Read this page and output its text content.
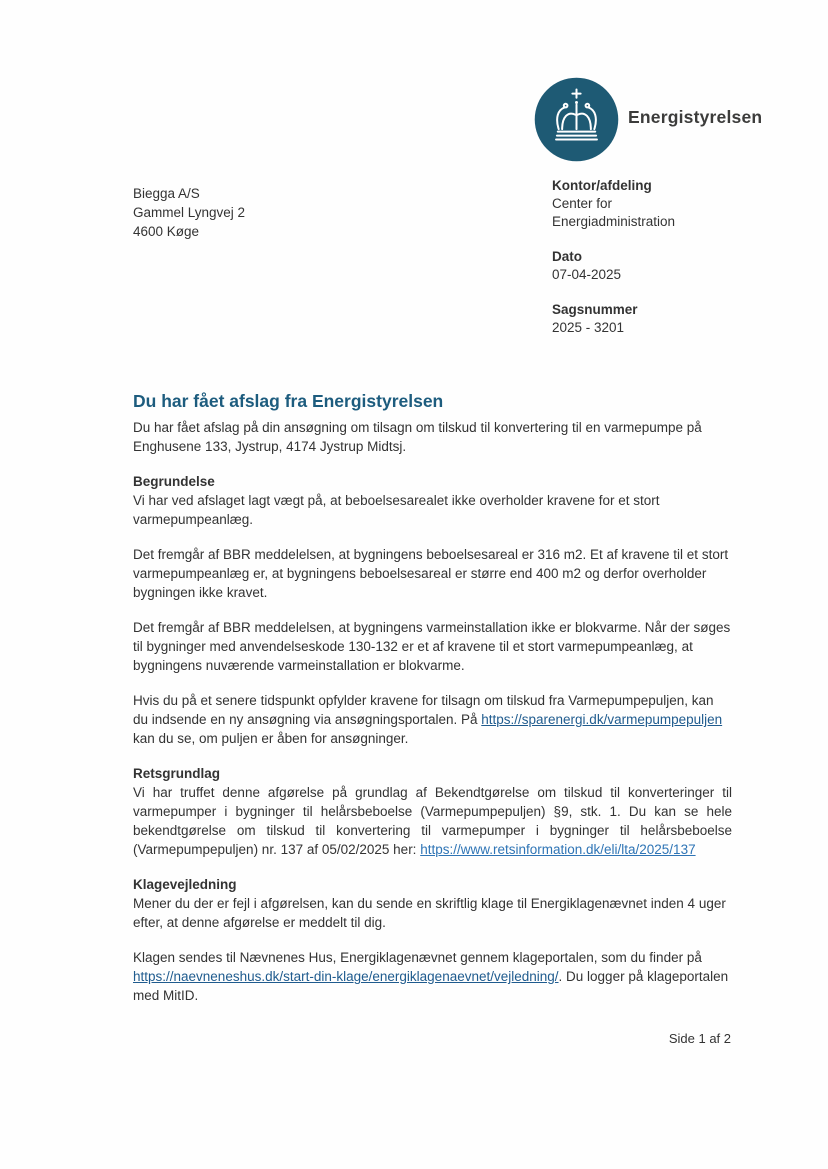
Energistyrelsen
Biegga A/S
Gammel Lyngvej 2
4600 Køge
Kontor/afdeling
Center for
Energiadministration
Dato
07-04-2025
Sagsnummer
2025 - 3201
Du har fået afslag fra Energistyrelsen

Du har fået afslag på din ansøgning om tilsagn om tilskud til konvertering til en varmepumpe på Enghusene 133, Jystrup, 4174 Jystrup Midtsj.

Begrundelse

Vi har ved afslaget lagt vægt på, at beboelsesarealet ikke overholder kravene for et stort varmepumpeanlæg.

Det fremgår af BBR meddelelsen, at bygningens beboelsesareal er 316 m2. Et af kravene til et stort varmepumpeanlæg er, at bygningens beboelsesareal er større end 400 m2 og derfor overholder bygningen ikke kravet.

Det fremgår af BBR meddelelsen, at bygningens varmeinstallation ikke er blokvarme. Når der søges til bygninger med anvendelseskode 130-132 er et af kravene til et stort varmepumpeanlæg, at bygningens nuværende varmeinstallation er blokvarme.

Hvis du på et senere tidspunkt opfylder kravene for tilsagn om tilskud fra Varmepumpepuljen, kan du indsende en ny ansøgning via ansøgningsportalen. På https://sparenergi.dk/varmepumpepuljen kan du se, om puljen er åben for ansøgninger.

Retsgrundlag

Vi har truffet denne afgørelse på grundlag af Bekendtgørelse om tilskud til konverteringer til varmepumper i bygninger til helårsbeboelse (Varmepumpepuljen) §9, stk. 1. Du kan se hele bekendtgørelse om tilskud til konvertering til varmepumper i bygninger til helårsbeboelse (Varmepumpepuljen) nr. 137 af 05/02/2025 her: https://www.retsinformation.dk/eli/lta/2025/137

Klagevejledning

Mener du der er fejl i afgørelsen, kan du sende en skriftlig klage til Energiklagenævnet inden 4 uger efter, at denne afgørelse er meddelt til dig.

Klagen sendes til Nævnenes Hus, Energiklagenævnet gennem klageportalen, som du finder på https://naevneneshus.dk/start-din-klage/energiklagenaevnet/vejledning/. Du logger på klageportalen med MitID.

Side 1 af 2
